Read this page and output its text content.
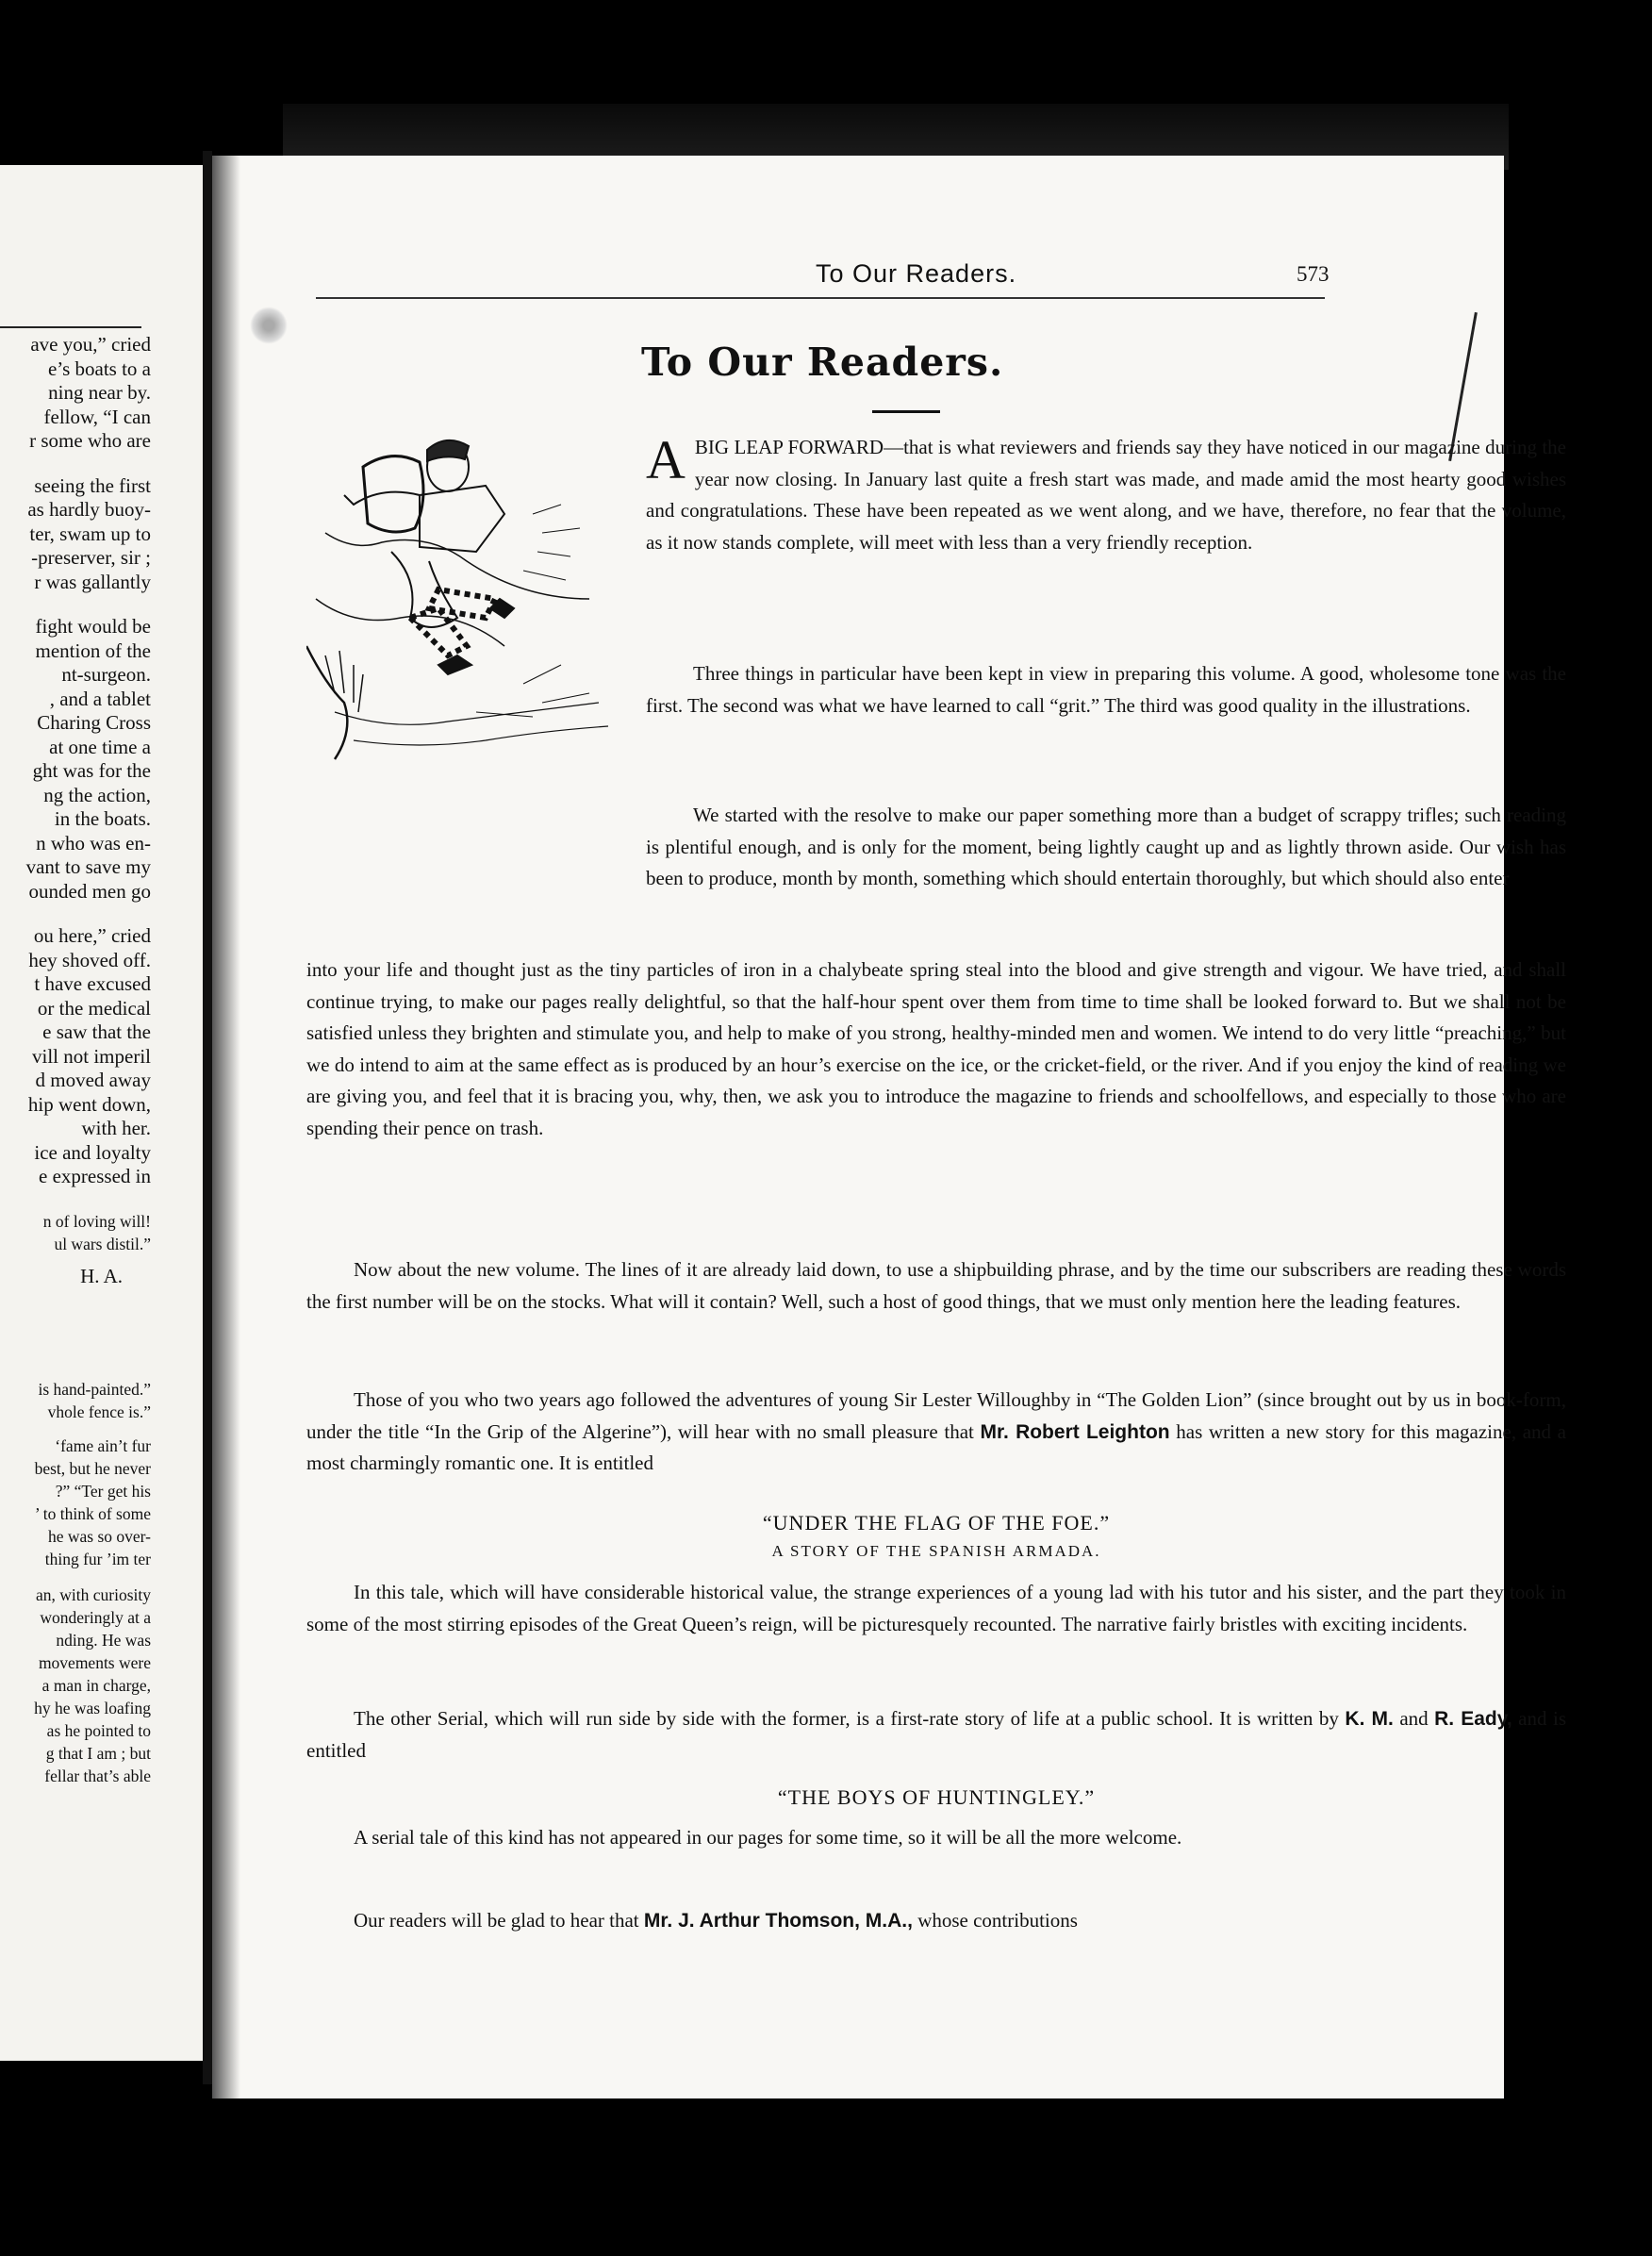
ave you,” cried
e’s boats to a
ning near by.
fellow, “I can
r some who are
seeing the first
as hardly buoy-
ter, swam up to
-preserver, sir ;
r was gallantly
fight would be
mention of the
nt-surgeon.
, and a tablet
Charing Cross
at one time a
ght was for the
ng the action,
in the boats.
n who was en-
vant to save my
ounded men go
ou here,” cried
hey shoved off.
t have excused
or the medical
e saw that the
vill not imperil
d moved away
hip went down,
with her.
ice and loyalty
e expressed in
n of loving will!
ul wars distil.”
H. A.
is hand-painted.”
vhole fence is.”
‘fame ain’t fur
best, but he never
?” “Ter get his
’ to think of some
he was so over-
thing fur ’im ter
an, with curiosity
wonderingly at a
nding. He was
movements were
a man in charge,
hy he was loafing
as he pointed to
g that I am ; but
fellar that’s able
To Our Readers.	573
To Our Readers.
A BIG LEAP FORWARD—that is what reviewers and friends say they have noticed in our magazine during the year now closing. In January last quite a fresh start was made, and made amid the most hearty good wishes and congratulations. These have been repeated as we went along, and we have, therefore, no fear that the volume, as it now stands complete, will meet with less than a very friendly reception.

Three things in particular have been kept in view in preparing this volume. A good, wholesome tone was the first. The second was what we have learned to call “grit.” The third was good quality in the illustrations.

We started with the resolve to make our paper something more than a budget of scrappy trifles; such reading is plentiful enough, and is only for the moment, being lightly caught up and as lightly thrown aside. Our wish has been to produce, month by month, something which should entertain thoroughly, but which should also enter

into your life and thought just as the tiny particles of iron in a chalybeate spring steal into the blood and give strength and vigour. We have tried, and shall continue trying, to make our pages really delightful, so that the half-hour spent over them from time to time shall be looked forward to. But we shall not be satisfied unless they brighten and stimulate you, and help to make of you strong, healthy-minded men and women. We intend to do very little “preaching,” but we do intend to aim at the same effect as is produced by an hour’s exercise on the ice, or the cricket-field, or the river. And if you enjoy the kind of reading we are giving you, and feel that it is bracing you, why, then, we ask you to introduce the magazine to friends and schoolfellows, and especially to those who are spending their pence on trash.

Now about the new volume. The lines of it are already laid down, to use a shipbuilding phrase, and by the time our subscribers are reading these words the first number will be on the stocks. What will it contain? Well, such a host of good things, that we must only mention here the leading features.

Those of you who two years ago followed the adventures of young Sir Lester Willoughby in “The Golden Lion” (since brought out by us in book-form, under the title “In the Grip of the Algerine”), will hear with no small pleasure that Mr. Robert Leighton has written a new story for this magazine, and a most charmingly romantic one. It is entitled

“UNDER THE FLAG OF THE FOE.”
A STORY OF THE SPANISH ARMADA.

In this tale, which will have considerable historical value, the strange experiences of a young lad with his tutor and his sister, and the part they took in some of the most stirring episodes of the Great Queen’s reign, will be picturesquely recounted. The narrative fairly bristles with exciting incidents.

The other Serial, which will run side by side with the former, is a first-rate story of life at a public school. It is written by K. M. and R. Eady, and is entitled

“THE BOYS OF HUNTINGLEY.”

A serial tale of this kind has not appeared in our pages for some time, so it will be all the more welcome.

Our readers will be glad to hear that Mr. J. Arthur Thomson, M.A., whose contributions
